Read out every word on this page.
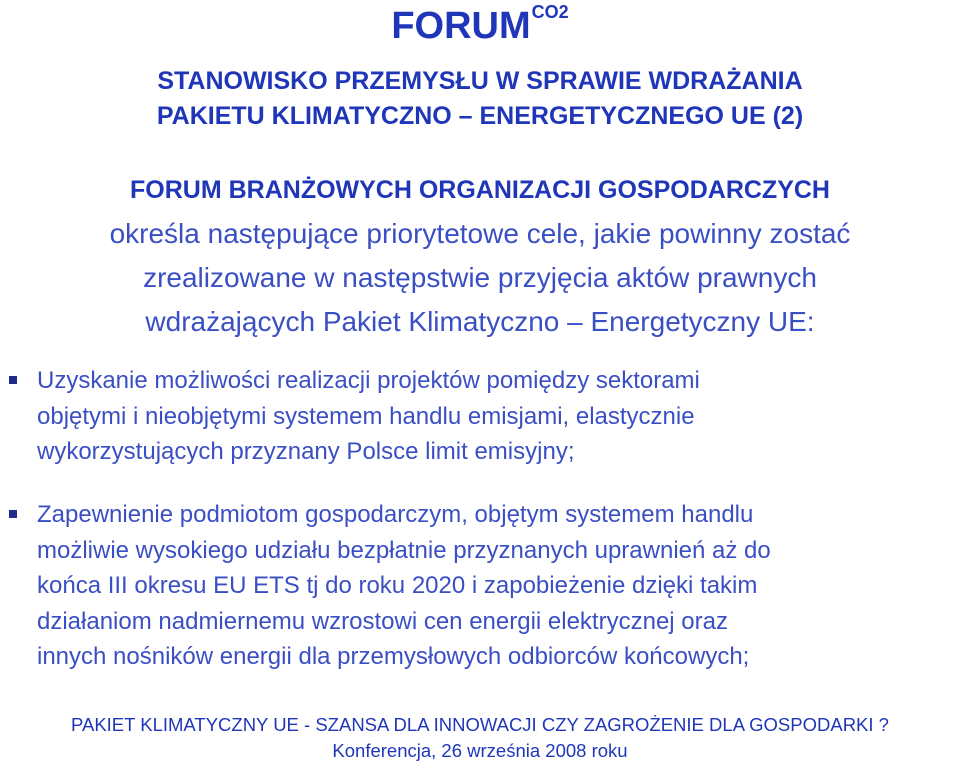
FORUMCO2
STANOWISKO PRZEMYSŁU W SPRAWIE WDRAŻANIA
PAKIETU KLIMATYCZNO – ENERGETYCZNEGO UE (2)
FORUM BRANŻOWYCH ORGANIZACJI GOSPODARCZYCH
określa następujące priorytetowe cele, jakie powinny zostać
zrealizowane w następstwie przyjęcia aktów prawnych
wdrażających Pakiet Klimatyczno – Energetyczny UE:
Uzyskanie możliwości realizacji projektów pomiędzy sektorami
objętymi i nieobjętymi systemem handlu emisjami, elastycznie
wykorzystujących przyznany Polsce limit emisyjny;
Zapewnienie podmiotom gospodarczym, objętym systemem handlu
możliwie wysokiego udziału bezpłatnie przyznanych uprawnień aż do
końca III okresu EU ETS tj do roku 2020 i zapobieżenie dzięki takim
działaniom nadmiernemu wzrostowi cen energii elektrycznej oraz
innych nośników energii dla przemysłowych odbiorców końcowych;
PAKIET KLIMATYCZNY UE - SZANSA DLA INNOWACJI CZY ZAGROŻENIE DLA GOSPODARKI ?
Konferencja, 26 września 2008 roku
